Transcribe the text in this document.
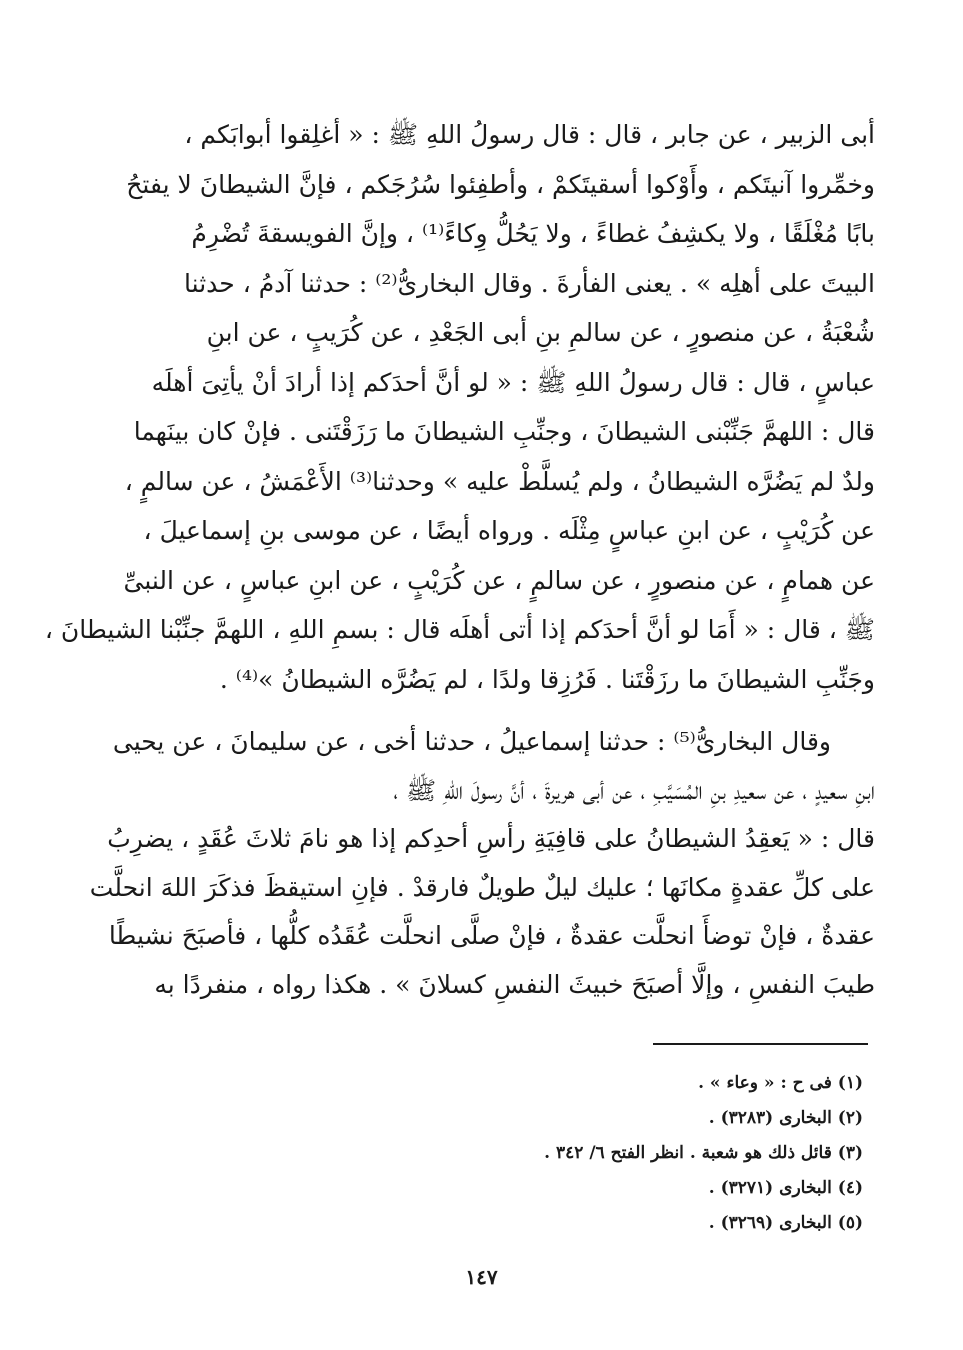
أبى الزبير ، عن جابر ، قال : قال رسولُ اللهِ ﷺ : « أغلِقوا أبوابَكم ،
وخمِّروا آنيتَكم ، وأَوْكوا أسقيتَكمْ ، وأطفِئوا سُرُجَكم ، فإنَّ الشيطانَ لا يفتحُ
بابًا مُغْلَقًا ، ولا يكشِفُ غطاءً ، ولا يَحُلُّ وِكاءً⁽¹⁾ ، وإنَّ الفويسقةَ تُضْرِمُ
البيتَ على أهلِه » . يعنى الفأرةَ . وقال البخارىُّ⁽²⁾ : حدثنا آدمُ ، حدثنا
شُعْبَةُ ، عن منصورٍ ، عن سالمِ بنِ أبى الجَعْدِ ، عن كُرَيبٍ ، عن ابنِ
عباسٍ ، قال : قال رسولُ اللهِ ﷺ : « لو أنَّ أحدَكم إذا أرادَ أنْ يأتِىَ أهلَه
قال : اللهمَّ جَنِّبْنى الشيطانَ ، وجنِّبِ الشيطانَ ما رَزَقْتَنى . فإنْ كان بينَهما
ولدٌ لم يَضُرَّه الشيطانُ ، ولم يُسلَّطْ عليه » وحدثنا⁽³⁾ الأَعْمَشُ ، عن سالمٍ ،
عن كُرَيْبٍ ، عن ابنِ عباسٍ مِثْلَه . ورواه أيضًا ، عن موسى بنِ إسماعيلَ ،
عن همامٍ ، عن منصورٍ ، عن سالمٍ ، عن كُرَيْبٍ ، عن ابنِ عباسٍ ، عن النبىِّ
ﷺ ، قال : « أَمَا لو أنَّ أحدَكم إذا أتى أهلَه قال : بسمِ اللهِ ، اللهمَّ جنِّبْنا الشيطانَ ،
وجَنِّبِ الشيطانَ ما رزَقْتَنا . فَرُزِقا ولدًا ، لم يَضُرَّه الشيطانُ »⁽⁴⁾ .
وقال البخارىُّ⁽⁵⁾ : حدثنا إسماعيلُ ، حدثنا أخى ، عن سليمانَ ، عن يحيى
ابنِ سعيدٍ ، عن سعيدِ بنِ المُسَيَّبِ ، عن أبى هريرةَ ، أنَّ رسولَ اللهِ ﷺ ،
قال : « يَعقِدُ الشيطانُ على قافِيَةِ رأسِ أحدِكم إذا هو نامَ ثلاثَ عُقَدٍ ، يضرِبُ
على كلِّ عقدةٍ مكانَها ؛ عليك ليلٌ طويلٌ فارقدْ . فإنِ استيقظَ فذكَرَ اللهَ انحلَّت
عقدةٌ ، فإنْ توضأَ انحلَّت عقدةٌ ، فإنْ صلَّى انحلَّت عُقَدُه كلُّها ، فأصبَحَ نشيطًا
طيبَ النفسِ ، وإلَّا أصبَحَ خبيثَ النفسِ كسلانَ » . هكذا رواه ، منفردًا به
(١) فى ح : « وعاء » .
(٢) البخارى (٣٢٨٣) .
(٣) قائل ذلك هو شعبة . انظر الفتح ٦/ ٣٤٢ .
(٤) البخارى (٣٢٧١) .
(٥) البخارى (٣٢٦٩) .
١٤٧
